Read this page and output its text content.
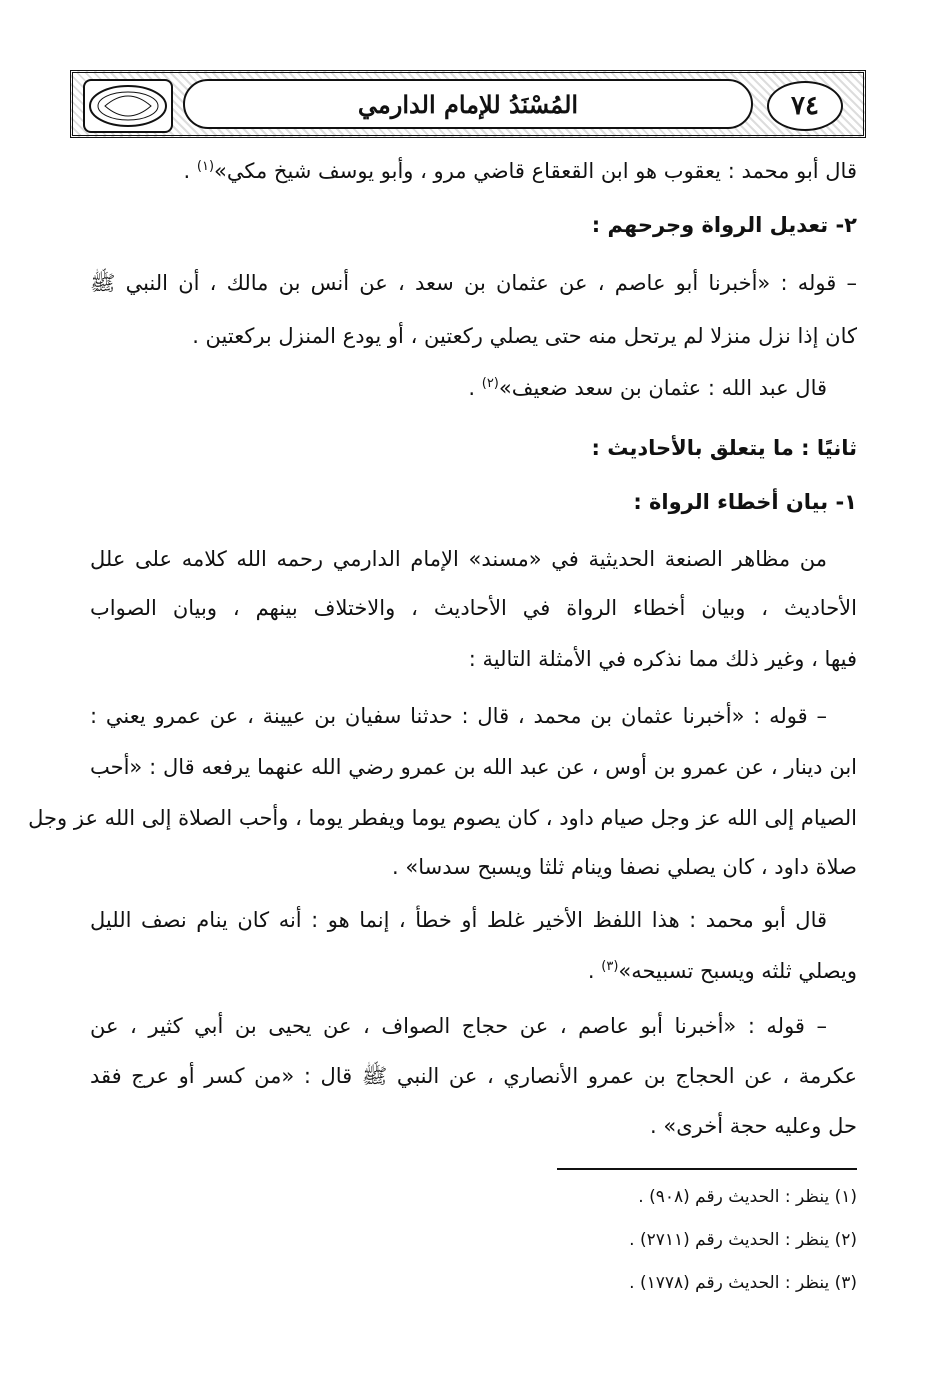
٧٤
المُسْنَدُ للإمام الدارمي
قال أبو محمد : يعقوب هو ابن القعقاع قاضي مرو ، وأبو يوسف شيخ مكي»$^{(١)}$ .
٢- تعديل الرواة وجرحهم :
– قوله : «أخبرنا أبو عاصم ، عن عثمان بن سعد ، عن أنس بن مالك ، أن النبي ﷺ
كان إذا نزل منزلا لم يرتحل منه حتى يصلي ركعتين ، أو يودع المنزل بركعتين .
قال عبد الله : عثمان بن سعد ضعيف»$^{(٢)}$ .
ثانيًا : ما يتعلق بالأحاديث :
١- بيان أخطاء الرواة :
من مظاهر الصنعة الحديثية في «مسند» الإمام الدارمي رحمه الله كلامه على علل
الأحاديث ، وبيان أخطاء الرواة في الأحاديث ، والاختلاف بينهم ، وبيان الصواب
فيها ، وغير ذلك مما نذكره في الأمثلة التالية :
– قوله : «أخبرنا عثمان بن محمد ، قال : حدثنا سفيان بن عيينة ، عن عمرو يعني :
ابن دينار ، عن عمرو بن أوس ، عن عبد الله بن عمرو رضي الله عنهما يرفعه قال : «أحب
الصيام إلى الله عز وجل صيام داود ، كان يصوم يوما ويفطر يوما ، وأحب الصلاة إلى الله عز وجل
صلاة داود ، كان يصلي نصفا وينام ثلثا ويسبح سدسا» .
قال أبو محمد : هذا اللفظ الأخير غلط أو خطأ ، إنما هو : أنه كان ينام نصف الليل
ويصلي ثلثه ويسبح تسبيحه»$^{(٣)}$ .
– قوله : «أخبرنا أبو عاصم ، عن حجاج الصواف ، عن يحيى بن أبي كثير ، عن
عكرمة ، عن الحجاج بن عمرو الأنصاري ، عن النبي ﷺ قال : «من كسر أو عرج فقد
حل وعليه حجة أخرى» .
(١) ينظر : الحديث رقم (٩٠٨) .
(٢) ينظر : الحديث رقم (٢٧١١) .
(٣) ينظر : الحديث رقم (١٧٧٨) .
